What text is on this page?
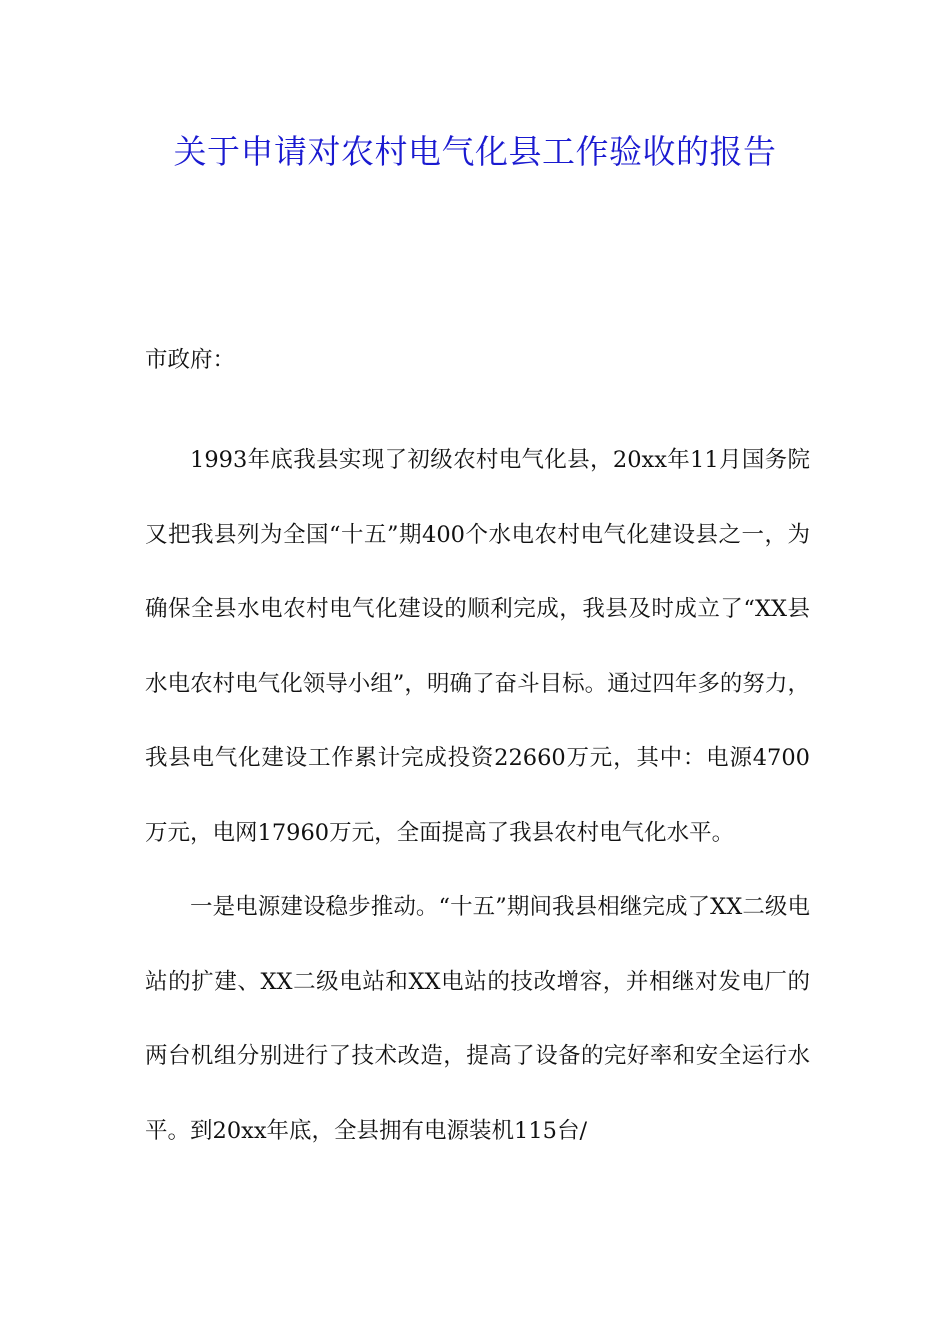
关于申请对农村电气化县工作验收的报告

市政府：

1993年底我县实现了初级农村电气化县，20xx年11月国务院又把我县列为全国“十五”期400个水电农村电气化建设县之一，为确保全县水电农村电气化建设的顺利完成，我县及时成立了“XX县水电农村电气化领导小组”，明确了奋斗目标。通过四年多的努力，我县电气化建设工作累计完成投资22660万元，其中：电源4700万元，电网17960万元，全面提高了我县农村电气化水平。

一是电源建设稳步推动。“十五”期间我县相继完成了XX二级电站的扩建、XX二级电站和XX电站的技改增容，并相继对发电厂的两台机组分别进行了技术改造，提高了设备的完好率和安全运行水平。到20xx年底，全县拥有电源装机115台/
